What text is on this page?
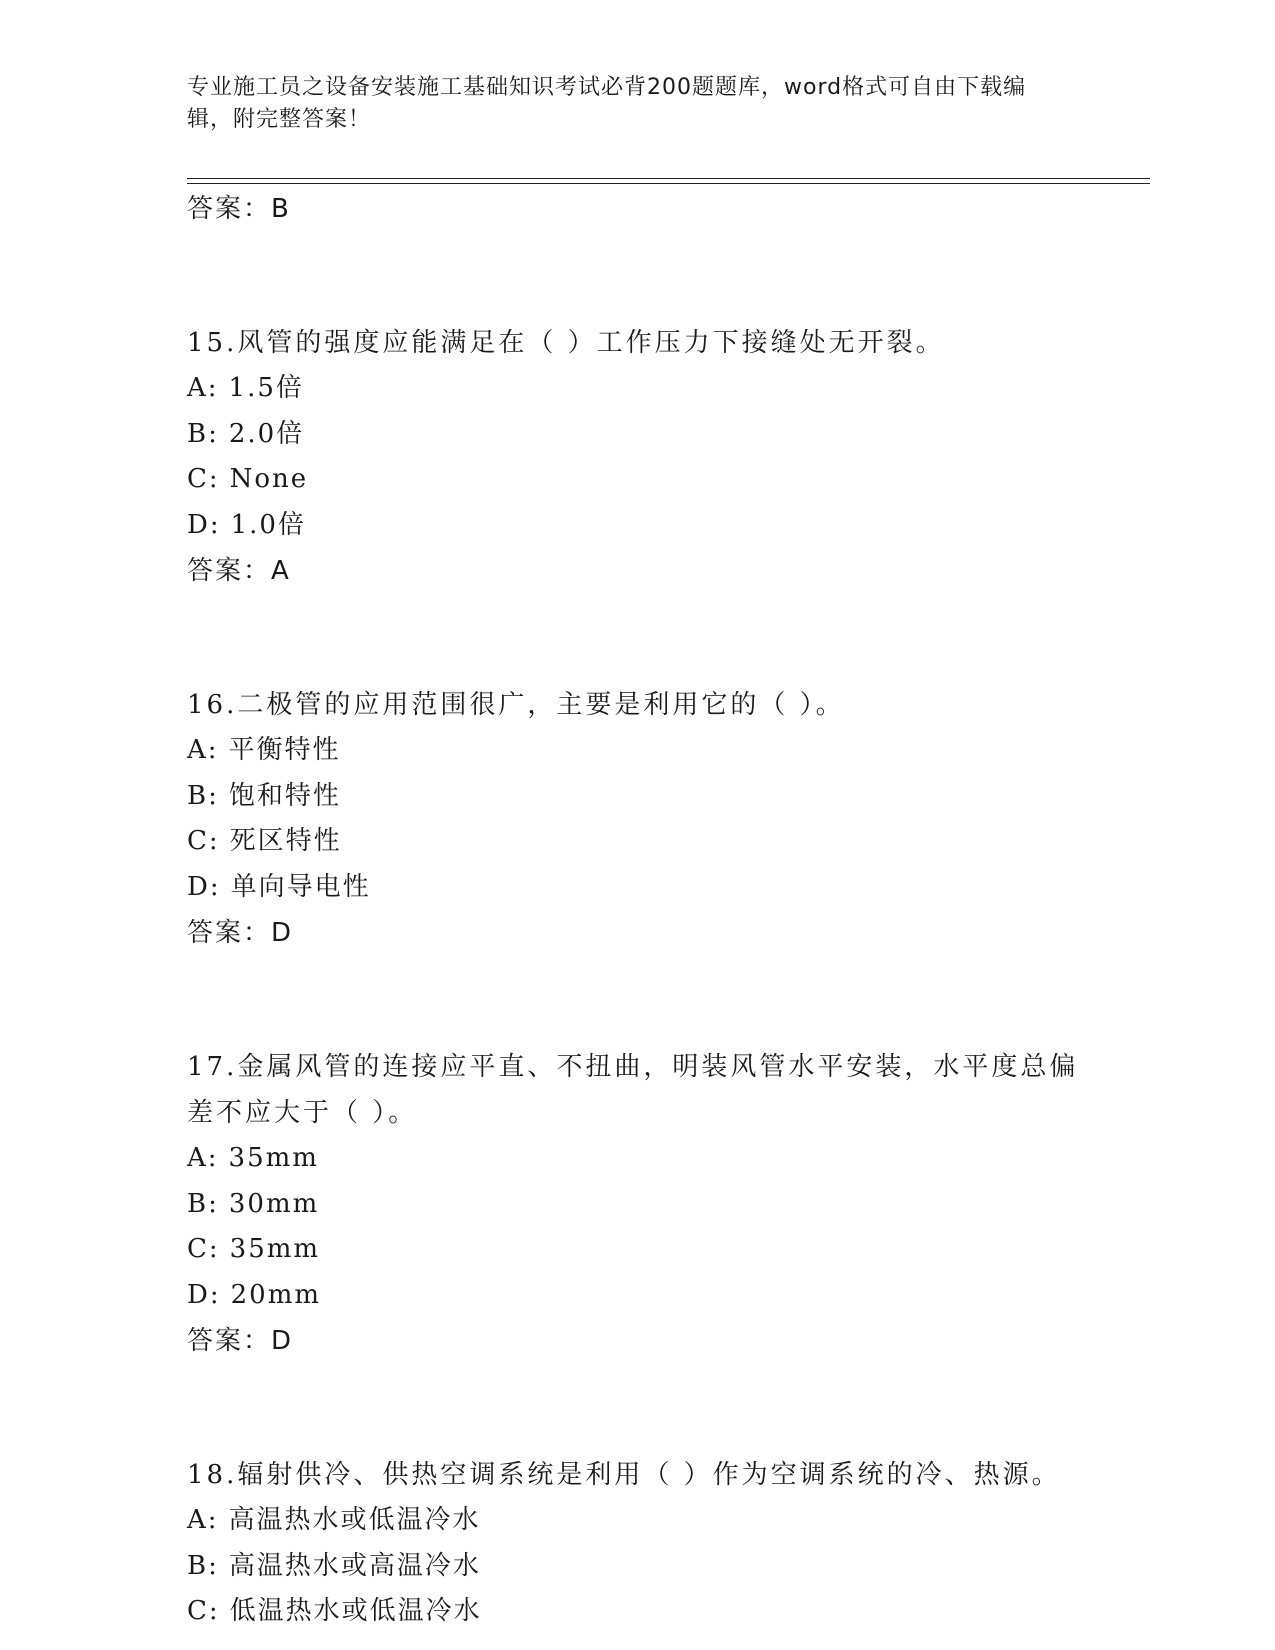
专业施工员之设备安装施工基础知识考试必背200题题库，word格式可自由下载编辑，附完整答案！
答案：B
15.风管的强度应能满足在（ ）工作压力下接缝处无开裂。
A: 1.5倍
B: 2.0倍
C: None
D: 1.0倍
答案：A
16.二极管的应用范围很广，主要是利用它的（ ）。
A: 平衡特性
B: 饱和特性
C: 死区特性
D: 单向导电性
答案：D
17.金属风管的连接应平直、不扭曲，明装风管水平安装，水平度总偏差不应大于（ ）。
A: 35mm
B: 30mm
C: 35mm
D: 20mm
答案：D
18.辐射供冷、供热空调系统是利用（ ）作为空调系统的冷、热源。
A: 高温热水或低温冷水
B: 高温热水或高温冷水
C: 低温热水或低温冷水
